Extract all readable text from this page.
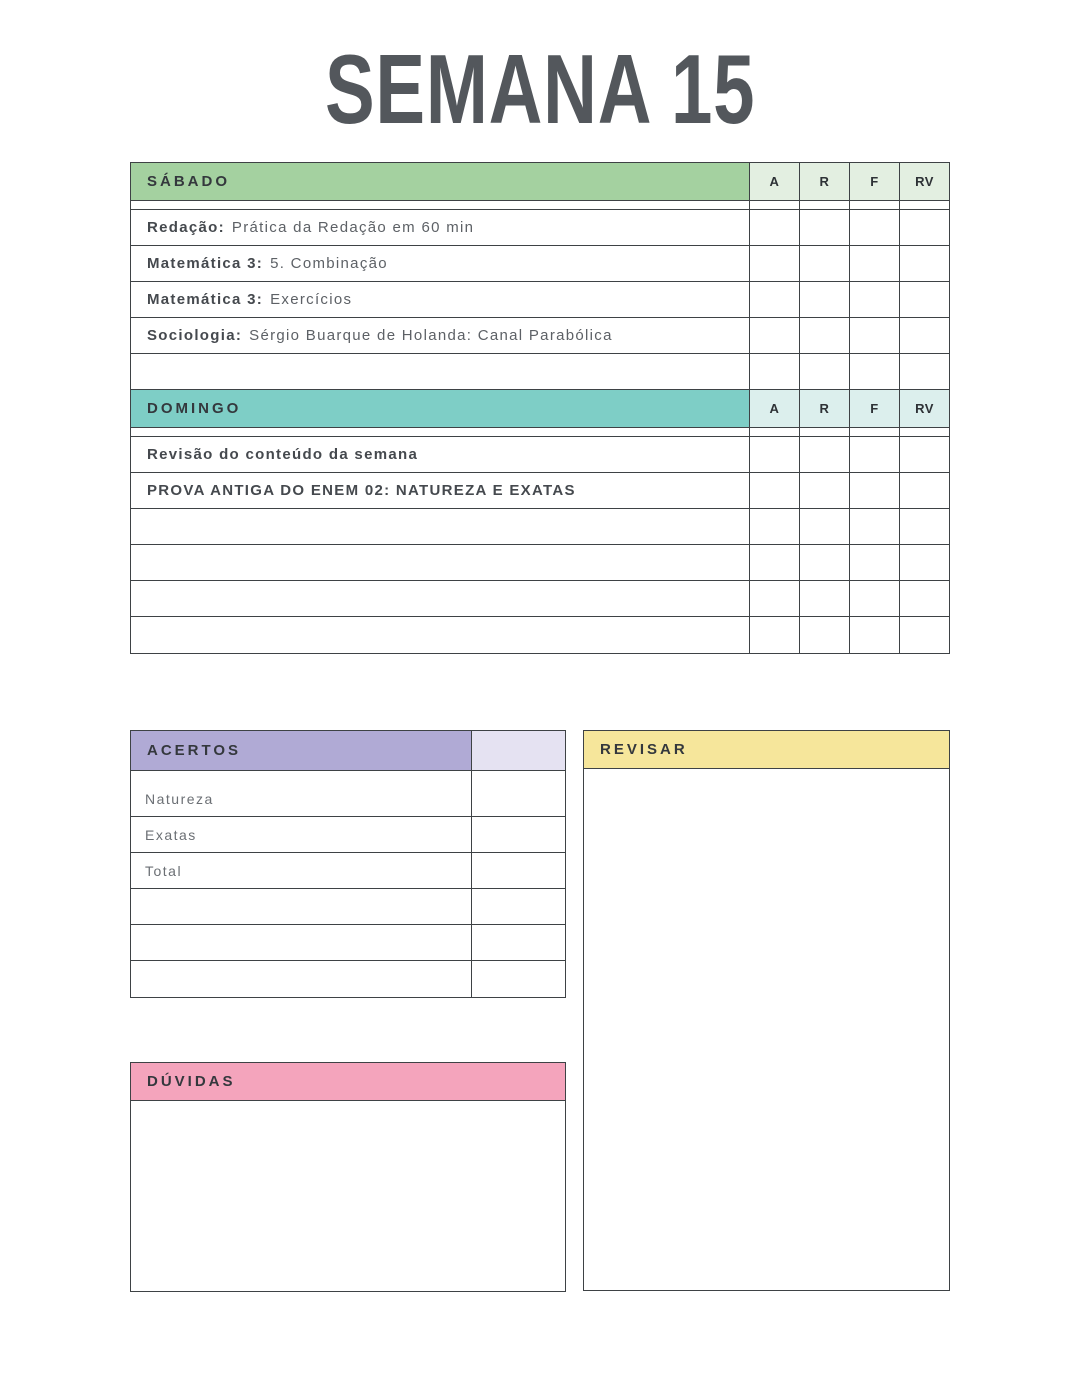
SEMANA 15
SÁBADO	A	R	F	RV
Redação: Prática da Redação em 60 min
Matemática 3: 5. Combinação
Matemática 3: Exercícios
Sociologia: Sérgio Buarque de Holanda: Canal Parabólica
DOMINGO	A	R	F	RV
Revisão do conteúdo da semana
PROVA ANTIGA DO ENEM 02: NATUREZA E EXATAS
ACERTOS
Natureza
Exatas
Total
DÚVIDAS
REVISAR
